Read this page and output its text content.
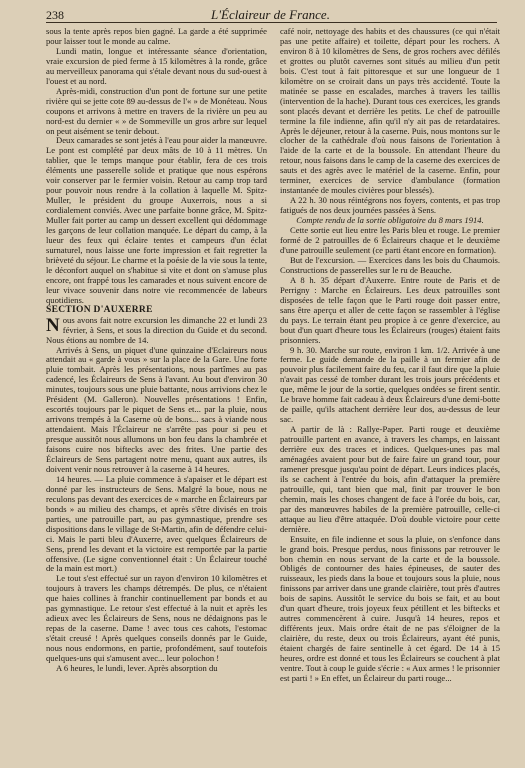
238	L'Éclaireur de France.

sous la tente après repos bien gagné. La garde a été supprimée pour laisser tout le monde au calme.

Lundi matin, longue et intéressante séance d'orientation, vraie excursion de pied ferme à 15 kilomètres à la ronde, grâce au merveilleux panorama qui s'étale devant nous du sud-ouest à l'ouest et au nord.

Après-midi, construction d'un pont de fortune sur une petite rivière qui se jette cote 89 au-dessus de l'« » de Monéteau. Nous coupons et arrivons à mettre en travers de la rivière un peu au nord-est du dernier « » de Sommeville un gros arbre sur lequel on peut aisément se tenir debout.

Deux camarades se sont jetés à l'eau pour aider la manœuvre. Le pont est complété par deux mâts de 10 à 11 mètres. Un tablier, que le temps manque pour établir, fera de ces trois éléments une passerelle solide et pratique que nous espérons voir conserver par le fermier voisin. Retour au camp trop tard pour pouvoir nous rendre à la collation à laquelle M. Spitz-Muller, le président du groupe Auxerrois, nous a si cordialement conviés. Avec une parfaite bonne grâce, M. Spitz-Muller fait porter au camp un dessert excellent qui dédommage les garçons de leur collation manquée. Le départ du camp, à la lueur des feux qui éclaire tentes et campeurs d'un éclat surnaturel, nous laisse une forte impression et fait regretter la brièveté du séjour. Le charme et la poésie de la vie sous la tente, le déconfort auquel on s'habitue si vite et dont on s'amuse plus encore, ont frappé tous les camarades et nous suivent encore de leur vivace souvenir dans notre vie recommencée de labeurs quotidiens.

SECTION D'AUXERRE

Nous avons fait notre excursion les dimanche 22 et lundi 23 février, à Sens, et sous la direction du Guide et du second. Nous étions au nombre de 14.

Arrivés à Sens, un piquet d'une quinzaine d'Eclaireurs nous attendait au « garde à vous » sur la place de la Gare. Une forte pluie tombait. Après les présentations, nous partîmes au pas cadencé, les Éclaireurs de Sens à l'avant. Au bout d'environ 30 minutes, toujours sous une pluie battante, nous arrivions chez le Président (M. Galleron). Nouvelles présentations ! Enfin, escortés toujours par le piquet de Sens et... par la pluie, nous arrivons trempés à la Caserne où de bons... sacs à viande nous attendaient. Mais l'Éclaireur ne s'arrête pas pour si peu et presque aussitôt nous allumons un bon feu dans la chambrée et faisons cuire nos biftecks avec des frites. Une partie des Éclaireurs de Sens partagent notre menu, quant aux autres, ils doivent venir nous retrouver à la caserne à 14 heures.

14 heures. — La pluie commence à s'apaiser et le départ est donné par les instructeurs de Sens. Malgré la boue, nous ne reculons pas devant des exercices de « marche en Éclaireurs par bonds » au milieu des champs, et après s'être divisés en trois parties, une patrouille part, au pas gymnastique, prendre ses dispositions dans le village de St-Martin, afin de défendre celui-ci. Mais le parti bleu d'Auxerre, avec quelques Éclaireurs de Sens, prend les devant et la victoire est remportée par la partie offensive. (Le signe conventionnel était : Un Éclaireur touché de la main est mort.)

Le tout s'est effectué sur un rayon d'environ 10 kilomètres et toujours à travers les champs détrempés. De plus, ce n'étaient que haies collines à franchir continuellement par bonds et au pas gymnastique. Le retour s'est effectué à la nuit et après les adieux avec les Éclaireurs de Sens, nous ne dédaignons pas le repas de la caserne. Dame ! avec tous ces cahots, l'estomac s'était creusé ! Après quelques conseils donnés par le Guide, nous nous endormons, en partie, profondément, sauf toutefois quelques-uns qui s'amusent avec... leur polochon !

A 6 heures, le lundi, lever. Après absorption du

café noir, nettoyage des habits et des chaussures (ce qui n'était pas une petite affaire) et toilette, départ pour les rochers. A environ 8 à 10 kilomètres de Sens, de gros rochers avec défilés et grottes ou plutôt cavernes sont situés au milieu d'un petit bois. C'est tout à fait pittoresque et sur une longueur de 1 kilomètre on se croirait dans un pays très accidenté. Toute la matinée se passe en escalades, marches à travers les taillis (intervention de la hache). Durant tous ces exercices, les grands sont placés devant et derrière les petits. Le chef de patrouille termine la file indienne, afin qu'il n'y ait pas de retardataires. Après le déjeuner, retour à la caserne. Puis, nous montons sur le clocher de la cathédrale d'où nous faisons de l'orientation à l'aide de la carte et de la boussole. En attendant l'heure du retour, nous faisons dans le camp de la caserne des exercices de sauts et des agrès avec le matériel de la caserne. Enfin, pour terminer, exercices de service d'ambulance (formation instantanée de moules civières pour blessés).

A 22 h. 30 nous réintégrons nos foyers, contents, et pas trop fatigués de nos deux journées passées à Sens.

Compte rendu de la sortie obligatoire du 8 mars 1914.

Cette sortie eut lieu entre les Paris bleu et rouge. Le premier formé de 2 patrouilles de 6 Éclaireurs chaque et le deuxième d'une patrouille seulement (ce parti étant encore en formation).

But de l'excursion. — Exercices dans les bois du Chaumois. Constructions de passerelles sur le ru de Beauche.

A 8 h. 35 départ d'Auxerre. Entre route de Paris et de Perrigny : Marche en Éclaireurs. Les deux patrouilles sont disposées de telle façon que le Parti rouge doit passer entre, sans être aperçu et aller de cette façon se rassembler à l'église du pays. Le terrain étant peu propice à ce genre d'exercice, au bout d'un quart d'heure tous les Éclaireurs (rouges) étaient faits prisonniers.

9 h. 30. Marche sur route, environ 1 km. 1/2. Arrivée à une ferme. Le guide demande de la paille à un fermier afin de pouvoir plus facilement faire du feu, car il faut dire que la pluie n'avait pas cessé de tomber durant les trois jours précédents et que, même le jour de la sortie, quelques ondées se firent sentir. Le brave homme fait cadeau à deux Éclaireurs d'une demi-botte de paille, qu'ils attachent derrière leur dos, au-dessus de leur sac.

A partir de là : Rallye-Paper. Parti rouge et deuxième patrouille partent en avance, à travers les champs, en laissant derrière eux des traces et indices. Quelques-unes pas mal aménagées avaient pour but de faire faire un grand tour, pour ramener presque jusqu'au point de départ. Leurs indices placés, ils se cachent à l'entrée du bois, afin d'attaquer la première patrouille, qui, tant bien que mal, finit par trouver le bon chemin, mais les choses changent de face à l'orée du bois, car, par des manœuvres habiles de la première patrouille, celle-ci attaque au lieu d'être attaquée. D'où double victoire pour cette dernière.

Ensuite, en file indienne et sous la pluie, on s'enfonce dans le grand bois. Presque perdus, nous finissons par retrouver le bon chemin en nous servant de la carte et de la boussole. Obligés de contourner des haies épineuses, de sauter des ruisseaux, les pieds dans la boue et toujours sous la pluie, nous finissons par arriver dans une grande clairière, tout près d'autres bois de sapins. Aussitôt le service du bois se fait, et au bout d'un quart d'heure, trois joyeux feux pétillent et les biftecks et autres commencèrent à cuire. Jusqu'à 14 heures, repos et différents jeux. Mais ordre était de ne pas s'éloigner de la clairière, du reste, deux ou trois Éclaireurs, ayant été punis, étaient chargés de faire sentinelle à cet égard. De 14 à 15 heures, ordre est donné et tous les Éclaireurs se couchent à plat ventre. Tout à coup le guide s'écrie : « Aux armes ! le prisonnier est parti ! » En effet, un Éclaireur du parti rouge...
